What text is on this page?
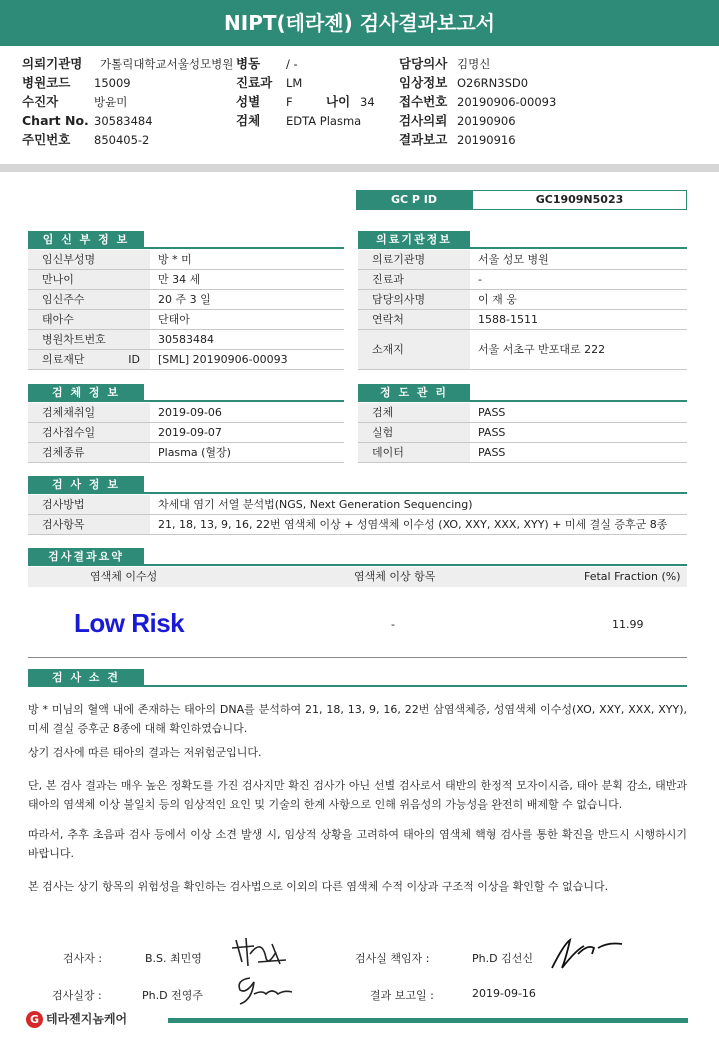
NIPT(테라젠) 검사결과보고서
의뢰기관명 가톨릭대학교서울성모병원 병동 / -	담당의사 김명신
병원코드 15009	진료과 LM	임상정보 O26RN3SD0
수진자	방윤미	성별 F	나이 34 접수번호 20190906-00093
Chart No. 30583484	검체 EDTA Plasma	검사의뢰 20190906
주민번호 850405-2	결과보고 20190916
GC P ID	GC1909N5023
임 신 부 정 보
임신부성명	방 * 미
만나이	만 34 세
임신주수	20 주 3 일
태아수	단태아
병원차트번호	30583484
의료재단 ID	[SML] 20190906-00093
의료기관정보
의료기관명	서울 성모 병원
진료과	-
담당의사명	이 재 웅
연락처	1588-1511
소재지	서울 서초구 반포대로 222
검 체 정 보
검체채취일	2019-09-06
검사접수일	2019-09-07
검체종류	Plasma (혈장)
정 도 관 리
검체	PASS
실험	PASS
데이터	PASS
검 사 정 보
검사방법	차세대 염기 서열 분석법(NGS, Next Generation Sequencing)
검사항목	21, 18, 13, 9, 16, 22번 염색체 이상 + 성염색체 이수성 (XO, XXY, XXX, XYY) + 미세 결실 증후군 8종
검사결과요약
염색체 이수성	염색체 이상 항목	Fetal Fraction (%)
Low Risk	-	11.99
검 사 소 견
방 * 미님의 혈액 내에 존재하는 태아의 DNA를 분석하여 21, 18, 13, 9, 16, 22번 삼염색체증, 성염색체 이수성(XO, XXY, XXX, XYY), 미세 결실 증후군 8종에 대해 확인하였습니다.
상기 검사에 따른 태아의 결과는 저위험군입니다.
단, 본 검사 결과는 매우 높은 정확도를 가진 검사지만 확진 검사가 아닌 선별 검사로서 태반의 한정적 모자이시즘, 태아 분획 감소, 태반과 태아의 염색체 이상 불일치 등의 임상적인 요인 및 기술의 한계 사항으로 인해 위음성의 가능성을 완전히 배제할 수 없습니다.
따라서, 추후 초음파 검사 등에서 이상 소견 발생 시, 임상적 상황을 고려하여 태아의 염색체 핵형 검사를 통한 확진을 반드시 시행하시기 바랍니다.
본 검사는 상기 항목의 위험성을 확인하는 검사법으로 이외의 다른 염색체 수적 이상과 구조적 이상을 확인할 수 없습니다.
검사자 :	B.S. 최민영	검사실 책임자 :	Ph.D 김선신
검사실장 :	Ph.D 전영주	결과 보고일 :	2019-09-16
G 테라젠지놈케어
